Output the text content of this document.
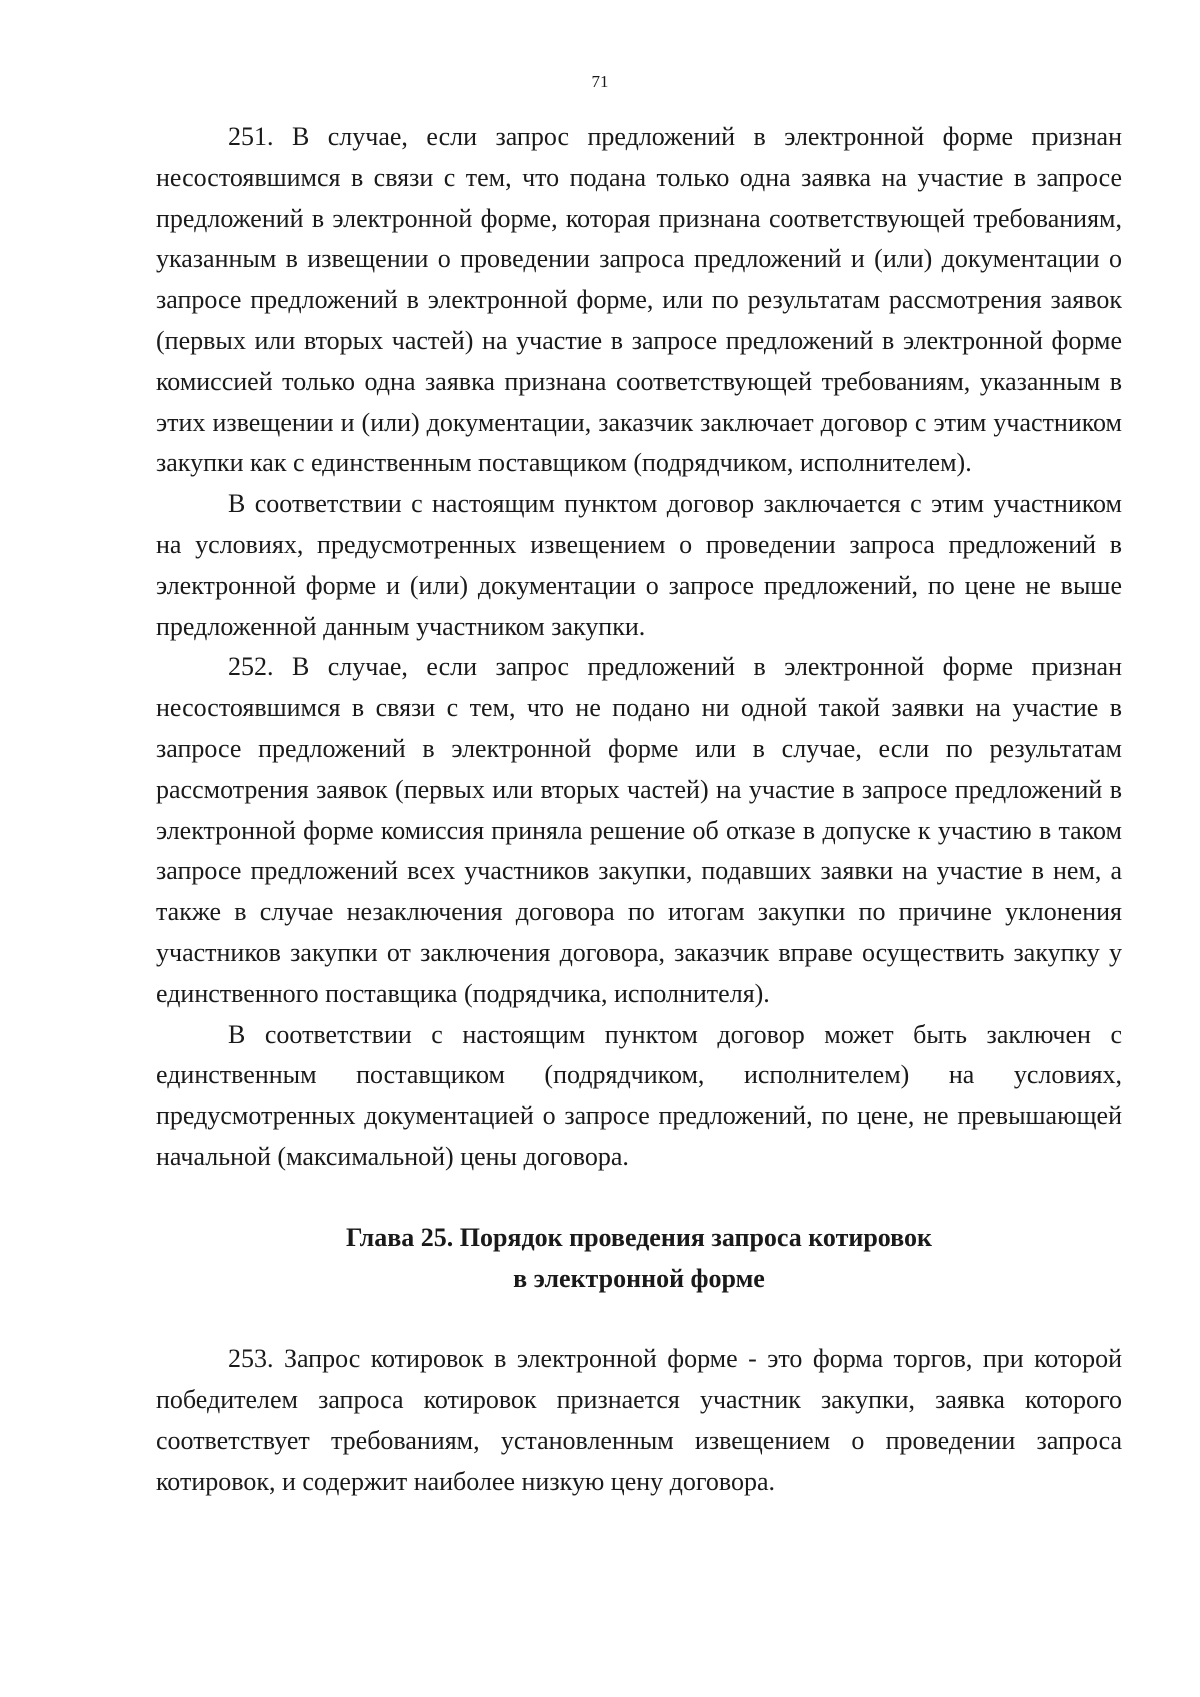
71

251. В случае, если запрос предложений в электронной форме признан несостоявшимся в связи с тем, что подана только одна заявка на участие в запросе предложений в электронной форме, которая признана соответствующей требованиям, указанным в извещении о проведении запроса предложений и (или) документации о запросе предложений в электронной форме, или по результатам рассмотрения заявок (первых или вторых частей) на участие в запросе предложений в электронной форме комиссией только одна заявка признана соответствующей требованиям, указанным в этих извещении и (или) документации, заказчик заключает договор с этим участником закупки как с единственным поставщиком (подрядчиком, исполнителем).

В соответствии с настоящим пунктом договор заключается с этим участником на условиях, предусмотренных извещением о проведении запроса предложений в электронной форме и (или) документации о запросе предложений, по цене не выше предложенной данным участником закупки.

252. В случае, если запрос предложений в электронной форме признан несостоявшимся в связи с тем, что не подано ни одной такой заявки на участие в запросе предложений в электронной форме или в случае, если по результатам рассмотрения заявок (первых или вторых частей) на участие в запросе предложений в электронной форме комиссия приняла решение об отказе в допуске к участию в таком запросе предложений всех участников закупки, подавших заявки на участие в нем, а также в случае незаключения договора по итогам закупки по причине уклонения участников закупки от заключения договора, заказчик вправе осуществить закупку у единственного поставщика (подрядчика, исполнителя).

В соответствии с настоящим пунктом договор может быть заключен с единственным поставщиком (подрядчиком, исполнителем) на условиях, предусмотренных документацией о запросе предложений, по цене, не превышающей начальной (максимальной) цены договора.

Глава 25. Порядок проведения запроса котировок
в электронной форме

253. Запрос котировок в электронной форме - это форма торгов, при которой победителем запроса котировок признается участник закупки, заявка которого соответствует требованиям, установленным извещением о проведении запроса котировок, и содержит наиболее низкую цену договора.
